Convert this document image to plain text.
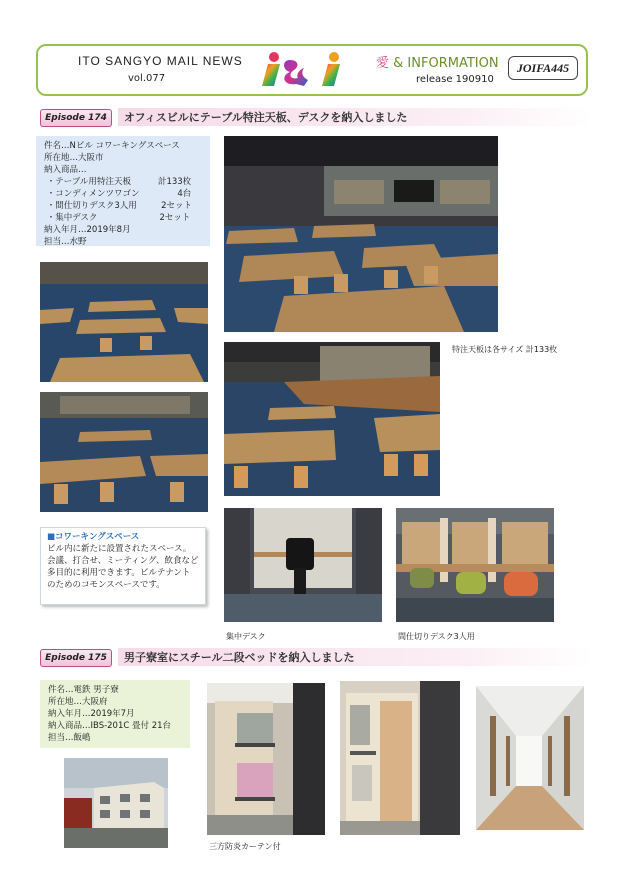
ITO SANGYO MAIL NEWS
vol.077
愛 & INFORMATION
release 190910
JOIFA445
Episode 174	オフィスビルにテーブル特注天板、デスクを納入しました

件名…Nビル コワーキングスペース

所在地…大阪市

納入商品…

・テーブル用特注天板          計133枚

・コンディメンツワゴン              4台

・間仕切りデスク3人用         2セット

・集中デスク                       2セット

納入年月…2019年8月

担当…水野

特注天板は各サイズ 計133枚
■コワーキングスペース
ビル内に新たに設置されたスペース。
会議、打合せ、ミーティング、飲食など
多目的に利用できます。ビルテナント
のためのコモンスペースです。
集中デスク	間仕切りデスク3人用
Episode 175	男子寮室にスチール二段ベッドを納入しました

件名…電鉄 男子寮

所在地…大阪府

納入年月…2019年7月

納入商品…IBS-201C 畳付 21台

担当…飯嶋

三方防炎カーテン付
